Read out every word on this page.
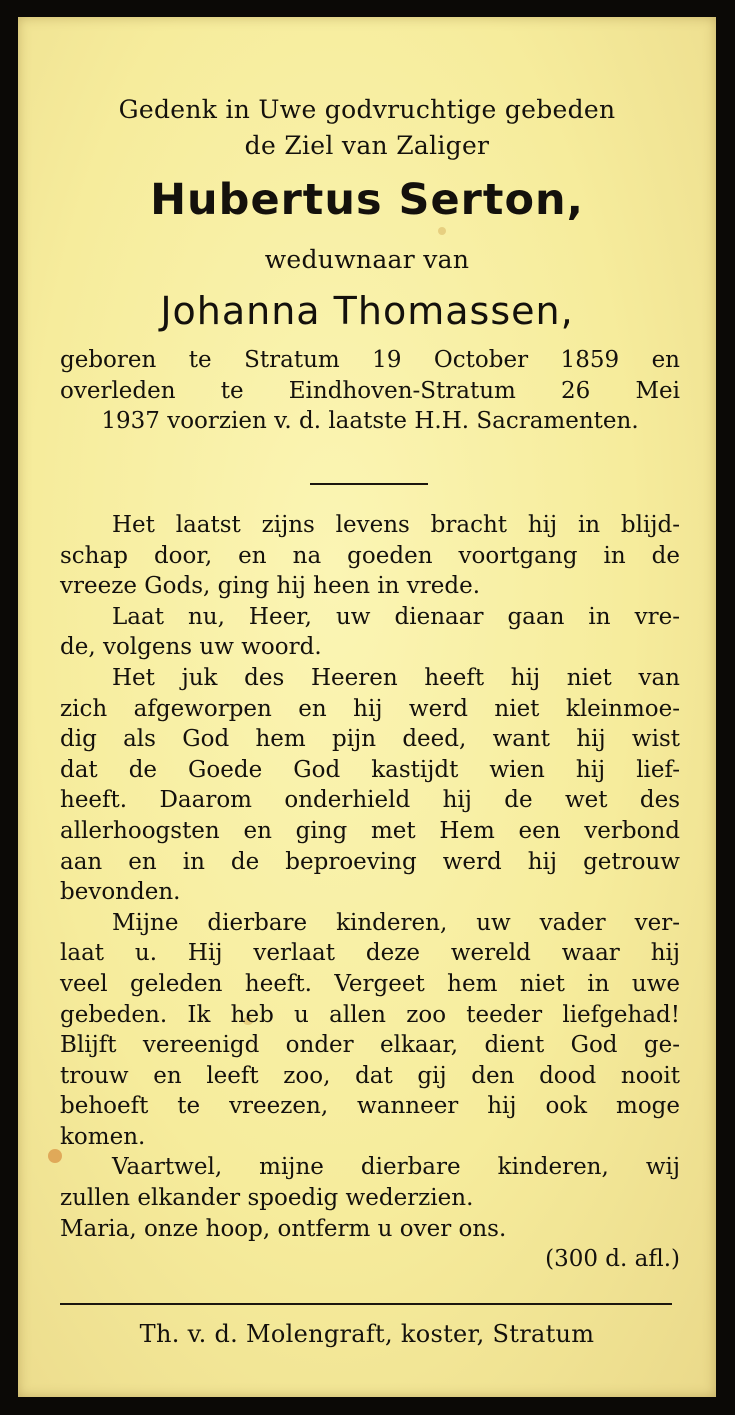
Gedenk in Uwe godvruchtige gebeden
de Ziel van Zaliger
Hubertus Serton,
weduwnaar van
Johanna Thomassen,
geboren te Stratum 19 October 1859 en
overleden te Eindhoven-Stratum 26 Mei
1937 voorzien v. d. laatste H.H. Sacramenten.
Het laatst zijns levens bracht hij in blijd-
schap door, en na goeden voortgang in de
vreeze Gods, ging hij heen in vrede.
Laat nu, Heer, uw dienaar gaan in vre-
de, volgens uw woord.
Het juk des Heeren heeft hij niet van
zich afgeworpen en hij werd niet kleinmoe-
dig als God hem pijn deed, want hij wist
dat de Goede God kastijdt wien hij lief-
heeft. Daarom onderhield hij de wet des
allerhoogsten en ging met Hem een verbond
aan en in de beproeving werd hij getrouw
bevonden.
Mijne dierbare kinderen, uw vader ver-
laat u. Hij verlaat deze wereld waar hij
veel geleden heeft. Vergeet hem niet in uwe
gebeden. Ik heb u allen zoo teeder liefgehad!
Blijft vereenigd onder elkaar, dient God ge-
trouw en leeft zoo, dat gij den dood nooit
behoeft te vreezen, wanneer hij ook moge
komen.
Vaartwel, mijne dierbare kinderen, wij
zullen elkander spoedig wederzien.
Maria, onze hoop, ontferm u over ons.
(300 d. afl.)
Th. v. d. Molengraft, koster, Stratum
